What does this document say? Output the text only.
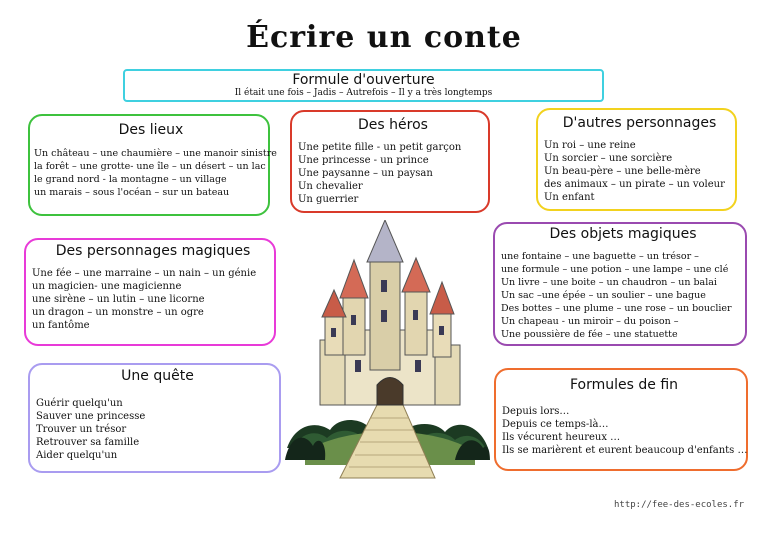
Écrire un conte
Formule d'ouverture
Il était une fois – Jadis – Autrefois – Il y a très longtemps
Des lieux
Un château – une chaumière – une manoir sinistre
la forêt – une grotte- une île – un désert – un lac
le grand nord - la montagne – un village
un marais – sous l'océan – sur un bateau
Des héros
Une petite fille - un petit garçon
Une princesse - un prince
Une paysanne – un paysan
Un chevalier
Un guerrier
D'autres personnages
Un roi – une reine
Un sorcier – une sorcière
Un beau-père – une belle-mère
des animaux – un pirate – un voleur
Un enfant
Des personnages magiques
Une fée – une marraine – un nain – un génie
un magicien- une magicienne
une sirène – un lutin – une licorne
un dragon – un monstre – un ogre
un fantôme
Des objets magiques
une fontaine – une baguette – un trésor –
une formule – une potion – une lampe – une clé
Un livre – une boite – un chaudron – un balai
Un sac –une épée – un soulier – une bague
Des bottes – une plume – une rose – un bouclier
Un chapeau - un miroir – du poison –
Une poussière de fée – une statuette
Une quête
Guérir quelqu'un
Sauver une princesse
Trouver un trésor
Retrouver sa famille
Aider quelqu'un
Formules de fin
Depuis lors…
Depuis ce temps-là…
Ils vécurent heureux …
Ils se marièrent et eurent beaucoup d'enfants …
http://fee-des-ecoles.fr
